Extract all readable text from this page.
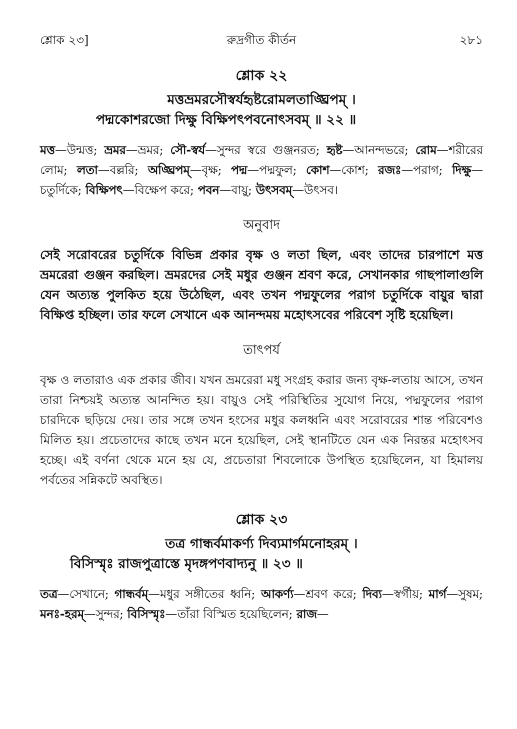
শ্লোক ২৩]	রুদ্রগীত কীর্তন	২৮১
শ্লোক ২২
মত্তভ্রমরসৌস্বর্যহৃষ্টরোমলতাঙ্ঘ্রিপম্ ।
পদ্মকোশরজো দিক্ষু বিক্ষিপৎপবনোৎসবম্ ॥ ২২ ॥
মত্ত—উন্মত্ত; ভ্রমর—ভ্রমর; সৌ-স্বর্য—সুন্দর স্বরে গুঞ্জনরত; হৃষ্ট—আনন্দভরে; রোম—শরীরের লোম; লতা—বল্লরি; অঙ্ঘ্রিপম্—বৃক্ষ; পদ্ম—পদ্মফুল; কোশ—কোশ; রজঃ—পরাগ; দিক্ষু—চতুর্দিকে; বিক্ষিপৎ—বিক্ষেপ করে; পবন—বায়ু; উৎসবম্—উৎসব।
অনুবাদ
সেই সরোবরের চতুর্দিকে বিভিন্ন প্রকার বৃক্ষ ও লতা ছিল, এবং তাদের চারপাশে মত্ত ভ্রমরেরা গুঞ্জন করছিল। ভ্রমরদের সেই মধুর গুঞ্জন শ্রবণ করে, সেখানকার গাছপালাগুলি যেন অত্যন্ত পুলকিত হয়ে উঠেছিল, এবং তখন পদ্মফুলের পরাগ চতুর্দিকে বায়ুর দ্বারা বিক্ষিপ্ত হচ্ছিল। তার ফলে সেখানে এক আনন্দময় মহোৎসবের পরিবেশ সৃষ্টি হয়েছিল।
তাৎপর্য
বৃক্ষ ও লতারাও এক প্রকার জীব। যখন ভ্রমরেরা মধু সংগ্রহ করার জন্য বৃক্ষ-লতায় আসে, তখন তারা নিশ্চয়ই অত্যন্ত আনন্দিত হয়। বায়ুও সেই পরিস্থিতির সুযোগ নিয়ে, পদ্মফুলের পরাগ চারদিকে ছড়িয়ে দেয়। তার সঙ্গে তখন হংসের মধুর কলধ্বনি এবং সরোবরের শান্ত পরিবেশও মিলিত হয়। প্রচেতাদের কাছে তখন মনে হয়েছিল, সেই স্থানটিতে যেন এক নিরন্তর মহোৎসব হচ্ছে। এই বর্ণনা থেকে মনে হয় যে, প্রচেতারা শিবলোকে উপস্থিত হয়েছিলেন, যা হিমালয় পর্বতের সন্নিকটে অবস্থিত।
শ্লোক ২৩
তত্র গান্ধর্বমাকর্ণ্য দিব্যমার্গমনোহরম্ ।
বিসিস্মৃঃ রাজপুত্রাস্তে মৃদঙ্গপণবাদ্যনু ॥ ২৩ ॥
তত্র—সেখানে; গান্ধর্বম্—মধুর সঙ্গীতের ধ্বনি; আকর্ণ্য—শ্রবণ করে; দিব্য—স্বর্গীয়; মার্গ—সুষম; মনঃ-হরম্—সুন্দর; বিসিস্মৃঃ—তাঁরা বিস্মিত হয়েছিলেন; রাজ—
